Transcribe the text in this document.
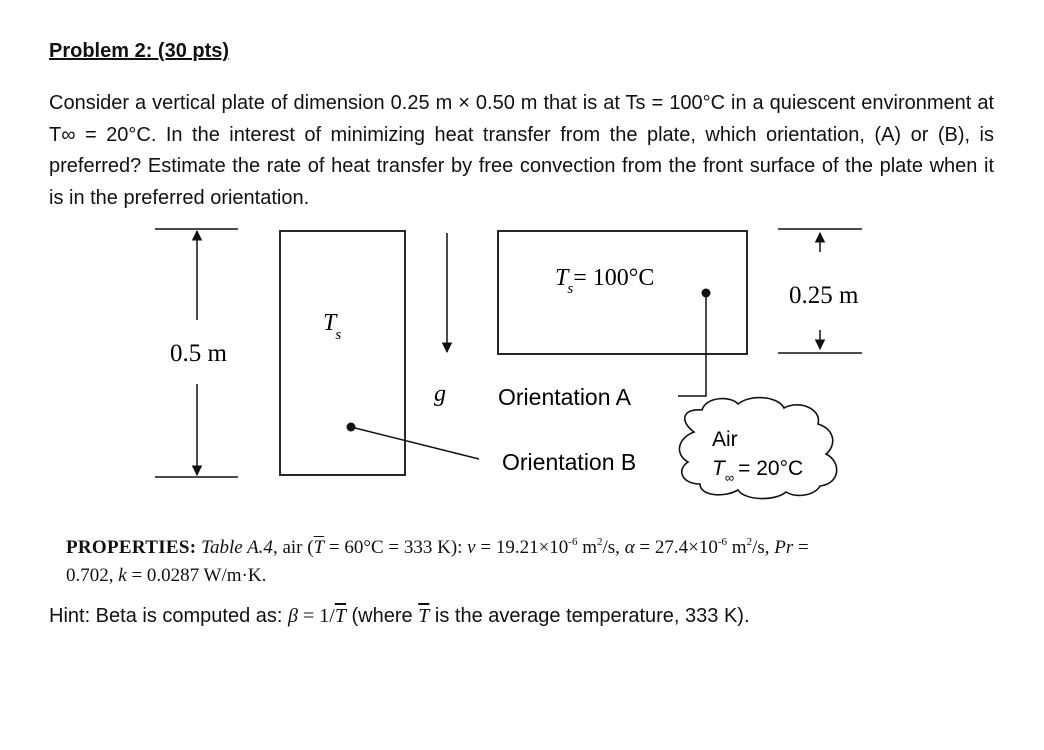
Problem 2: (30 pts)
Consider a vertical plate of dimension 0.25 m × 0.50 m that is at Ts = 100°C in a quiescent environment at T∞ = 20°C. In the interest of minimizing heat transfer from the plate, which orientation, (A) or (B), is preferred? Estimate the rate of heat transfer by free convection from the front surface of the plate when it is in the preferred orientation.
0.5 m
Ts
g
Ts= 100°C
0.25 m
Orientation A
Orientation B
Air
$T_\infty = 20^\circ C$
PROPERTIES: Table A.4, air ($\overline{T} = 60^\circ C = 333$ K): $\nu = 19.21\times 10^{-6}$ $m^2/s$, $\alpha = 27.4\times 10^{-6}$ $m^2/s$, Pr =
0.702, k = 0.0287 W/m·K.
Hint: Beta is computed as: $\beta = 1/\overline{T}$ (where $\overline{T}$ is the average temperature, 333 K).
